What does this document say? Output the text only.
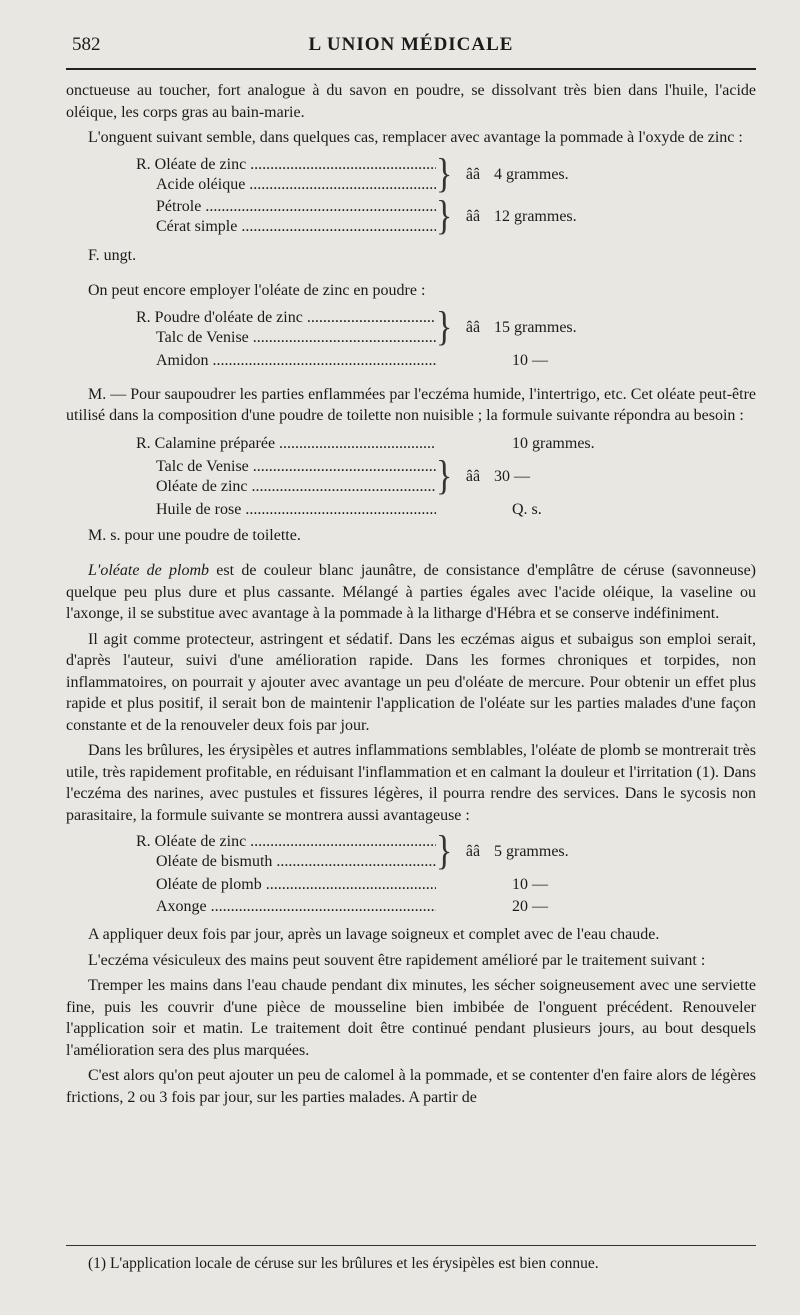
582	L UNION MÉDICALE

onctueuse au toucher, fort analogue à du savon en poudre, se dissolvant très bien dans l'huile, l'acide oléique, les corps gras au bain-marie.

L'onguent suivant semble, dans quelques cas, remplacer avec avantage la pommade à l'oxyde de zinc :

R. Oléate de zinc .....
Acide oléique .....	} ââ 4 grammes.
Pétrole .....
Cérat simple .....	} ââ 12 grammes.
F. ungt.

On peut encore employer l'oléate de zinc en poudre :

R. Poudre d'oléate de zinc .....
Talc de Venise .....	} ââ 15 grammes.
Amidon .....	10 —

M. — Pour saupoudrer les parties enflammées par l'eczéma humide, l'intertrigo, etc. Cet oléate peut-être utilisé dans la composition d'une poudre de toilette non nuisible ; la formule suivante répondra au besoin :

R. Calamine préparée .....	10 grammes.
Talc de Venise .....
Oléate de zinc .....	} ââ 30 —
Huile de rose .....	Q. s.
M. s. pour une poudre de toilette.

L'oléate de plomb est de couleur blanc jaunâtre, de consistance d'emplâtre de céruse (savonneuse) quelque peu plus dure et plus cassante. Mélangé à parties égales avec l'acide oléique, la vaseline ou l'axonge, il se substitue avec avantage à la pommade à la litharge d'Hébra et se conserve indéfiniment.

Il agit comme protecteur, astringent et sédatif. Dans les eczémas aigus et subaigus son emploi serait, d'après l'auteur, suivi d'une amélioration rapide. Dans les formes chroniques et torpides, non inflammatoires, on pourrait y ajouter avec avantage un peu d'oléate de mercure. Pour obtenir un effet plus rapide et plus positif, il serait bon de maintenir l'application de l'oléate sur les parties malades d'une façon constante et de la renouveler deux fois par jour.

Dans les brûlures, les érysipèles et autres inflammations semblables, l'oléate de plomb se montrerait très utile, très rapidement profitable, en réduisant l'inflammation et en calmant la douleur et l'irritation (1). Dans l'eczéma des narines, avec pustules et fissures légères, il pourra rendre des services. Dans le sycosis non parasitaire, la formule suivante se montrera aussi avantageuse :

R. Oléate de zinc .....
Oléate de bismuth .....	} ââ 5 grammes.
Oléate de plomb .....	10 —
Axonge .....	20 —

A appliquer deux fois par jour, après un lavage soigneux et complet avec de l'eau chaude.

L'eczéma vésiculeux des mains peut souvent être rapidement amélioré par le traitement suivant :

Tremper les mains dans l'eau chaude pendant dix minutes, les sécher soigneusement avec une serviette fine, puis les couvrir d'une pièce de mousseline bien imbibée de l'onguent précédent. Renouveler l'application soir et matin. Le traitement doit être continué pendant plusieurs jours, au bout desquels l'amélioration sera des plus marquées.

C'est alors qu'on peut ajouter un peu de calomel à la pommade, et se contenter d'en faire alors de légères frictions, 2 ou 3 fois par jour, sur les parties malades. A partir de

(1) L'application locale de céruse sur les brûlures et les érysipèles est bien connue.
